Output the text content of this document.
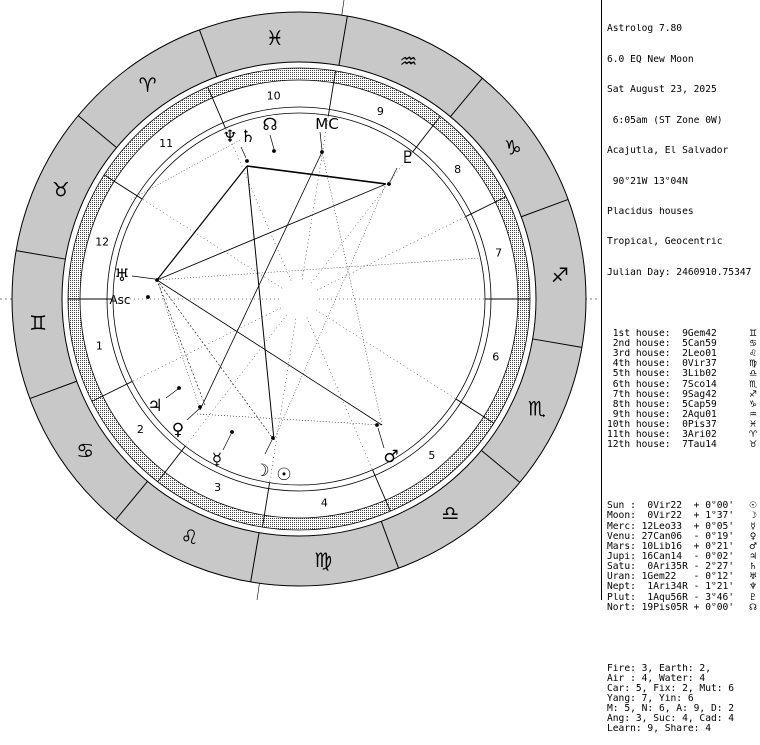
♈
♉
♊
♋
♌
♍
♎
♏
♐
♑
♒
♓
1
2
3
4
5
6
7
8
9
10
11
12
♆ ♄
☊
♇
♅
♃
♀
☿
☽ ☉
♂
Asc
MC

Astrolog 7.80

6.0 EQ New Moon

Sat August 23, 2025

6:05am (ST Zone 0W)

Acajutla, El Salvador

90°21W 13°04N

Placidus houses

Tropical, Geocentric

Julian Day: 2460910.75347

1st house:  9Gem42	♊
2nd house:  5Can59	♋
3rd house:  2Leo01	♌
4th house:  0Vir37	♍
5th house:  3Lib02	♎
6th house:  7Sco14	♏
7th house:  9Sag42	♐
8th house:  5Cap59	♑
9th house:  2Aqu01	♒
10th house:  0Pis37	♓
11th house:  3Ari02	♈
12th house:  7Tau14	♉

Sun :  0Vir22  + 0°00'	☉
Moon:  0Vir22  + 1°37'	☽
Merc: 12Leo33  + 0°05'	☿
Venu: 27Can06  - 0°19'	♀
Mars: 10Lib16  + 0°21'	♂
Jupi: 16Can14  - 0°02'	♃
Satu:  0Ari35R - 2°27'	♄
Uran: 1Gem22   - 0°12'	♅
Nept:  1Ari34R - 1°21'	♆
Plut:  1Aqu56R - 3°46'	♇
Nort: 19Pis05R + 0°00'	☊

Fire: 3, Earth: 2,
Air : 4, Water: 4
Car: 5, Fix: 2, Mut: 6
Yang: 7, Yin: 6
M: 5, N: 6, A: 9, D: 2
Ang: 3, Suc: 4, Cad: 4
Learn: 9, Share: 4
